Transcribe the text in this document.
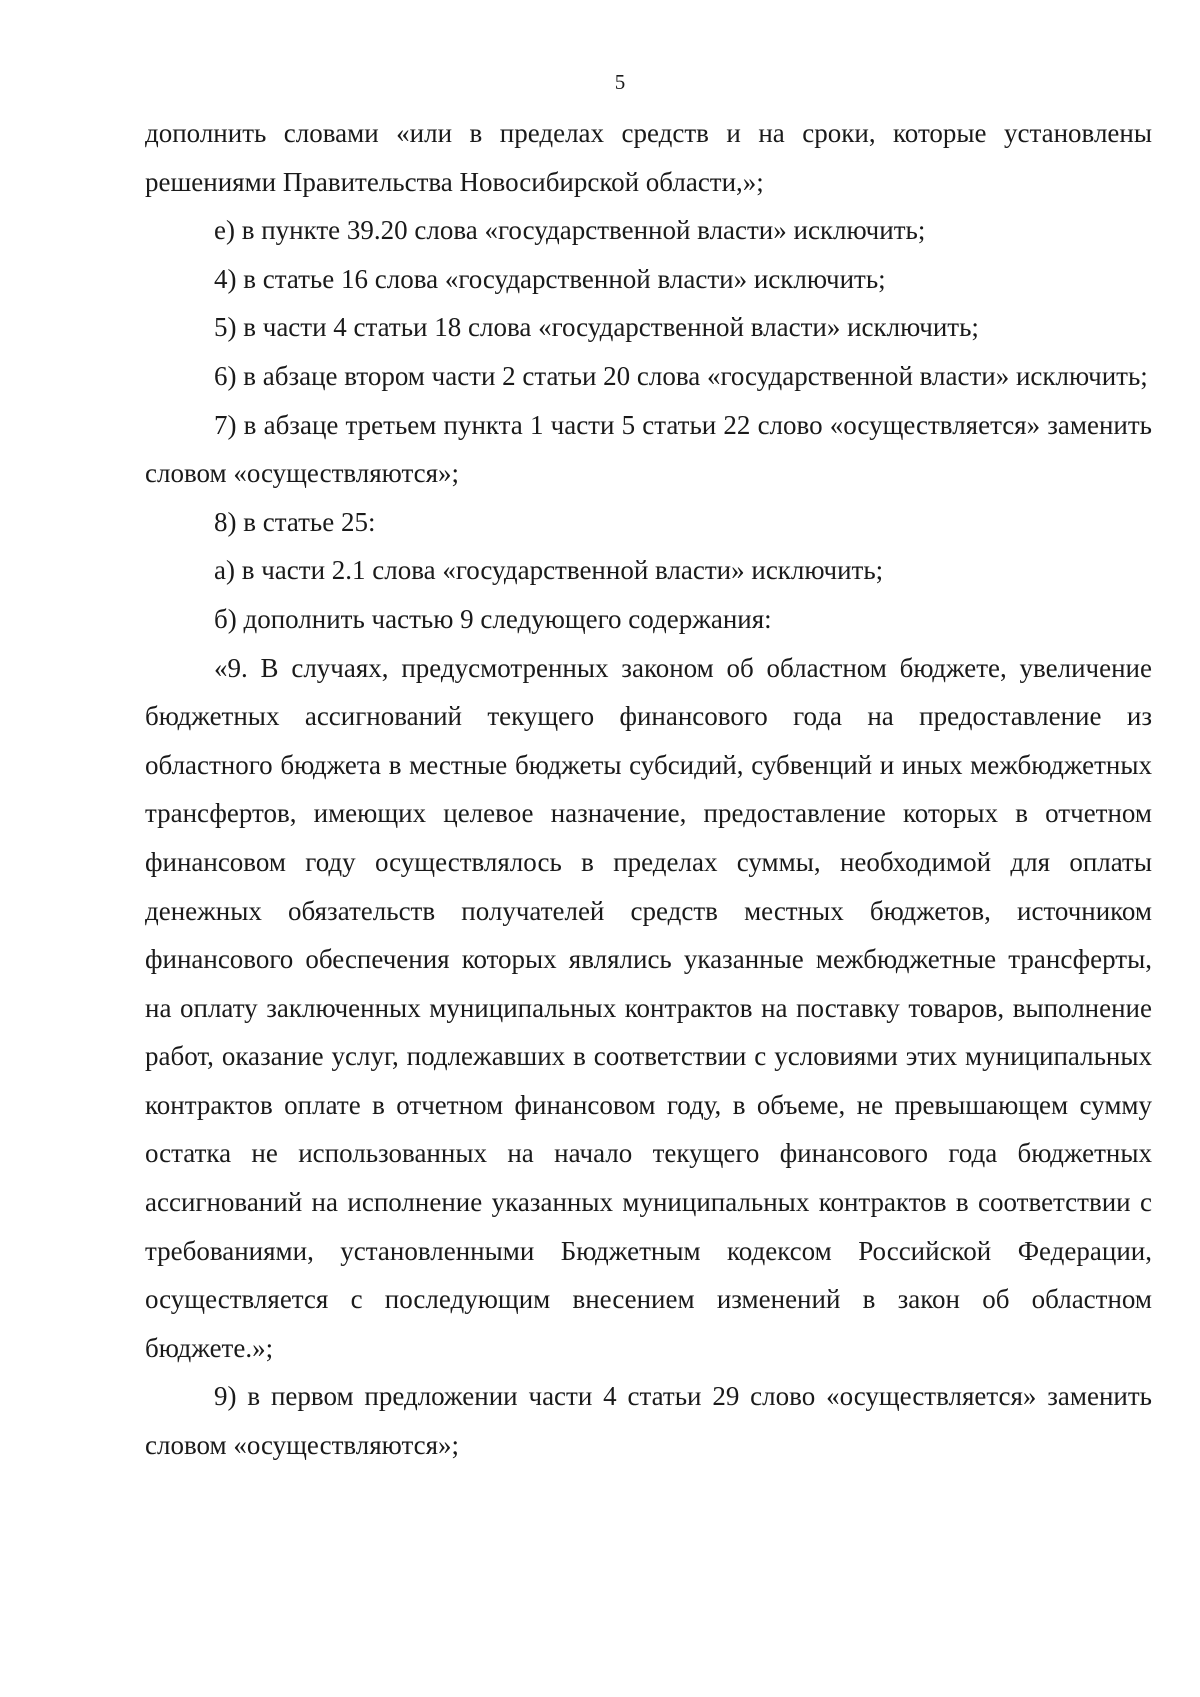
5

дополнить словами «или в пределах средств и на сроки, которые установлены решениями Правительства Новосибирской области,»;

е) в пункте 39.20 слова «государственной власти» исключить;

4) в статье 16 слова «государственной власти» исключить;

5) в части 4 статьи 18 слова «государственной власти» исключить;

6) в абзаце втором части 2 статьи 20 слова «государственной власти» исключить;

7) в абзаце третьем пункта 1 части 5 статьи 22 слово «осуществляется» заменить словом «осуществляются»;

8) в статье 25:

а) в части 2.1 слова «государственной власти» исключить;

б) дополнить частью 9 следующего содержания:

«9. В случаях, предусмотренных законом об областном бюджете, увеличение бюджетных ассигнований текущего финансового года на предоставление из областного бюджета в местные бюджеты субсидий, субвенций и иных межбюджетных трансфертов, имеющих целевое назначение, предоставление которых в отчетном финансовом году осуществлялось в пределах суммы, необходимой для оплаты денежных обязательств получателей средств местных бюджетов, источником финансового обеспечения которых являлись указанные межбюджетные трансферты, на оплату заключенных муниципальных контрактов на поставку товаров, выполнение работ, оказание услуг, подлежавших в соответствии с условиями этих муниципальных контрактов оплате в отчетном финансовом году, в объеме, не превышающем сумму остатка не использованных на начало текущего финансового года бюджетных ассигнований на исполнение указанных муниципальных контрактов в соответствии с требованиями, установленными Бюджетным кодексом Российской Федерации, осуществляется с последующим внесением изменений в закон об областном бюджете.»;

9) в первом предложении части 4 статьи 29 слово «осуществляется» заменить словом «осуществляются»;
